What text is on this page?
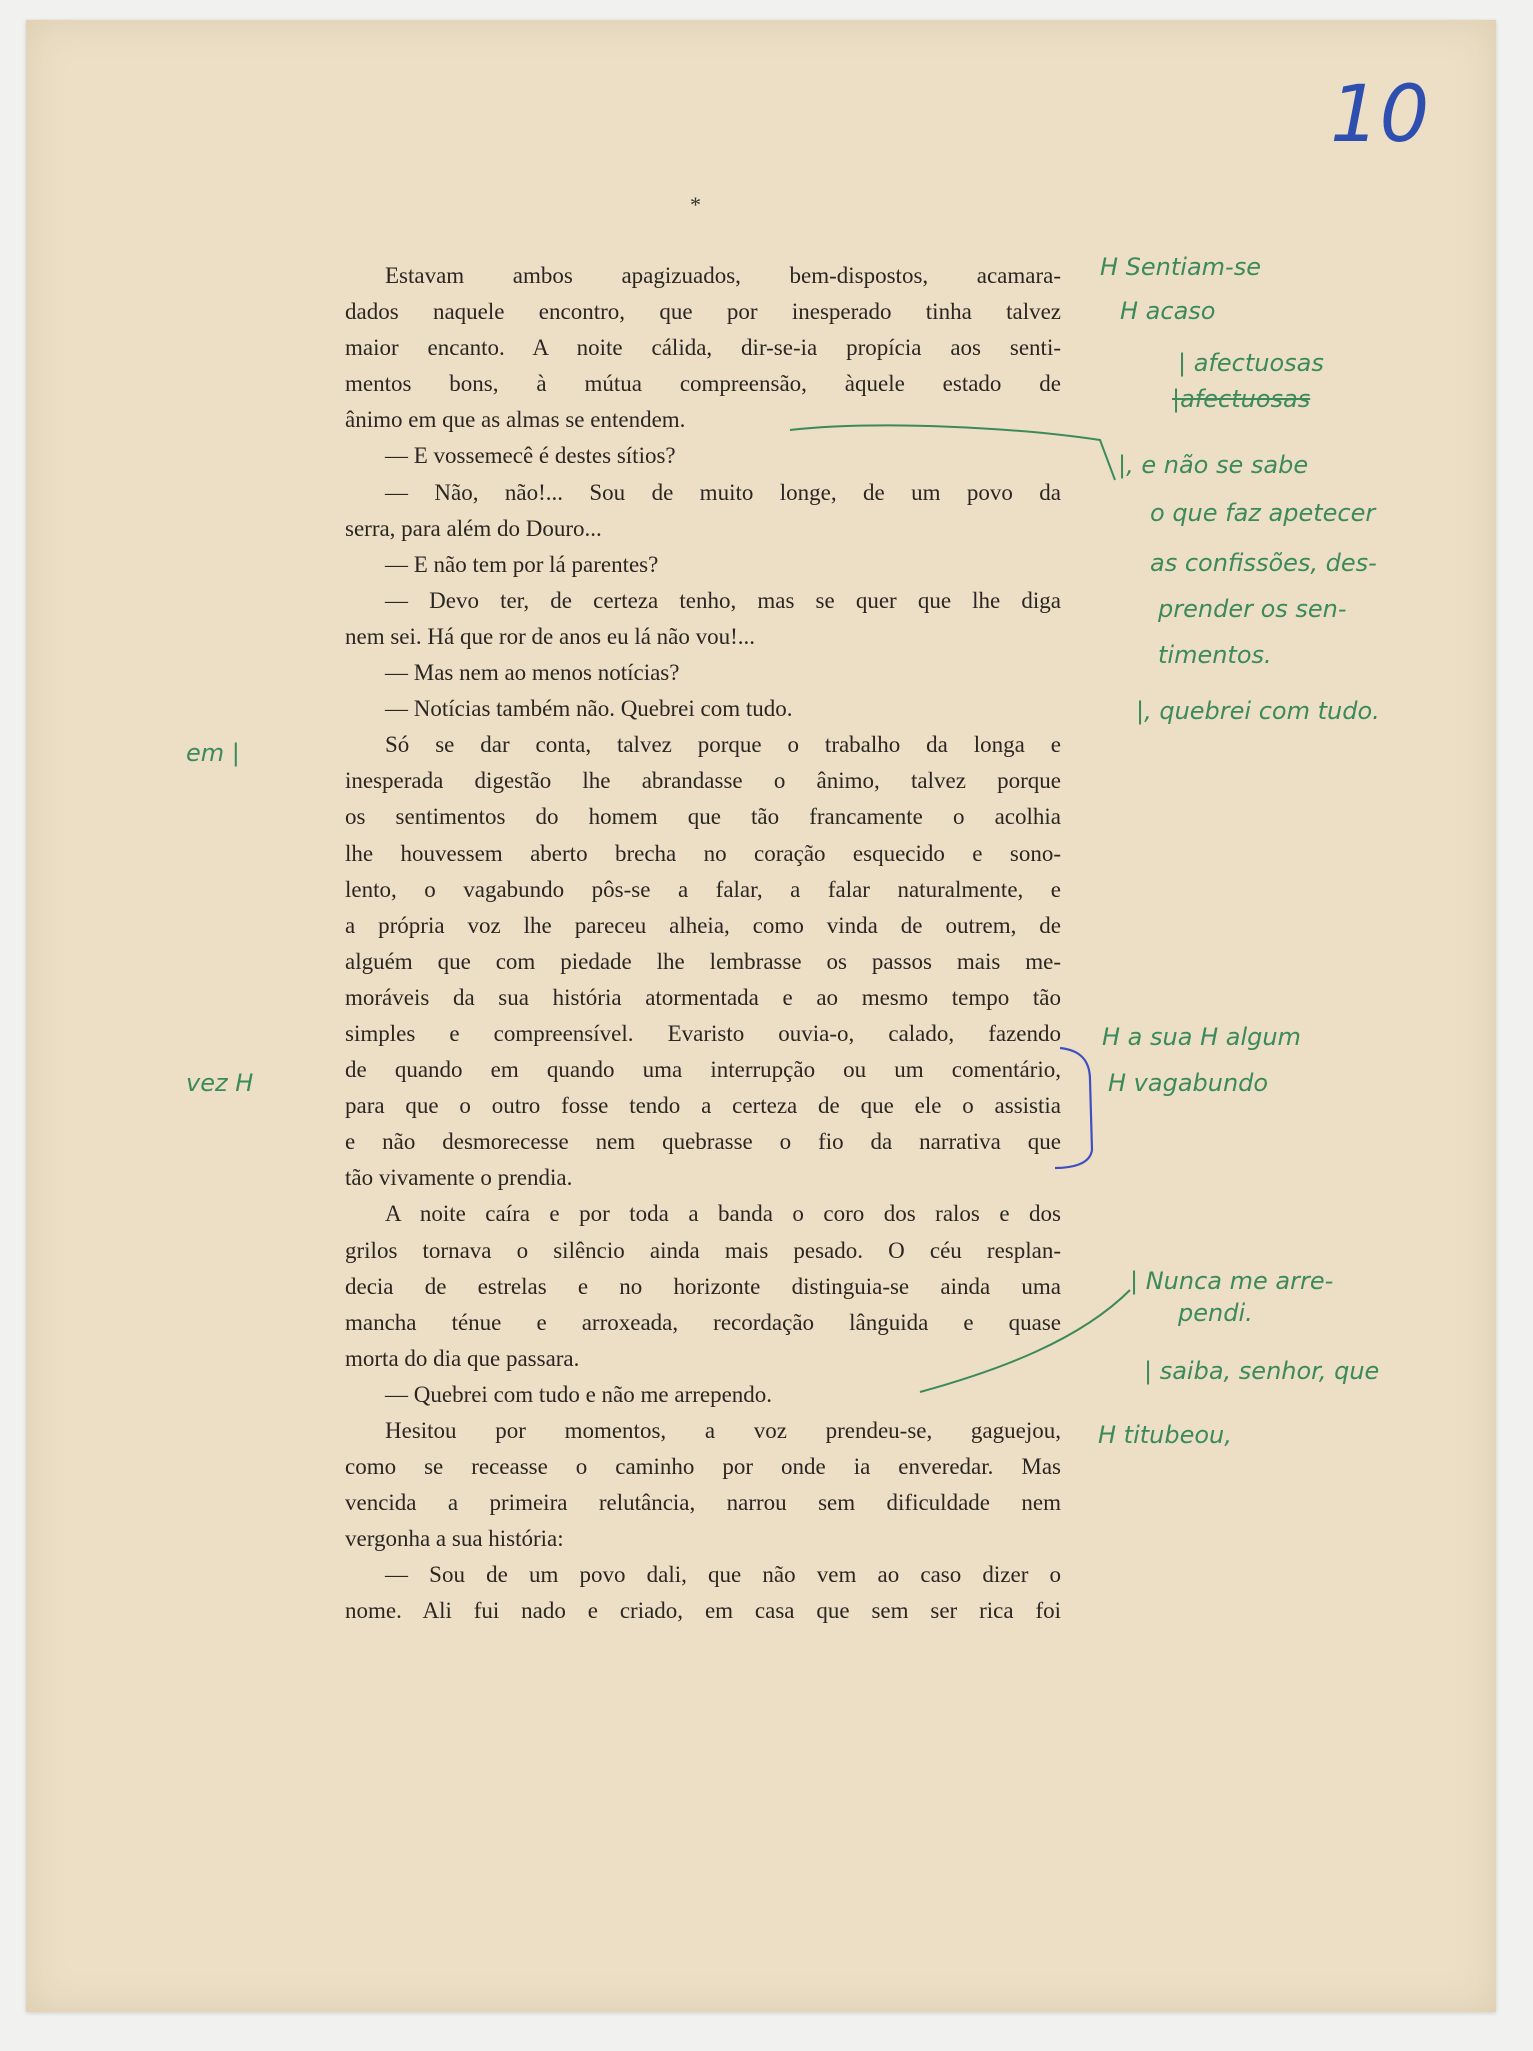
10
*
Estavam ambos apagizuados, bem-dispostos, acamara-
dados naquele encontro, que por inesperado tinha talvez
maior encanto. A noite cálida, dir-se-ia propícia aos senti-
mentos bons, à mútua compreensão, àquele estado de
ânimo em que as almas se entendem.
— E vossemecê é destes sítios?
— Não, não!... Sou de muito longe, de um povo da
serra, para além do Douro...
— E não tem por lá parentes?
— Devo ter, de certeza tenho, mas se quer que lhe diga
nem sei. Há que ror de anos eu lá não vou!...
— Mas nem ao menos notícias?
— Notícias também não. Quebrei com tudo.
Só se dar conta, talvez porque o trabalho da longa e
inesperada digestão lhe abrandasse o ânimo, talvez porque
os sentimentos do homem que tão francamente o acolhia
lhe houvessem aberto brecha no coração esquecido e sono-
lento, o vagabundo pôs-se a falar, a falar naturalmente, e
a própria voz lhe pareceu alheia, como vinda de outrem, de
alguém que com piedade lhe lembrasse os passos mais me-
moráveis da sua história atormentada e ao mesmo tempo tão
simples e compreensível. Evaristo ouvia-o, calado, fazendo
de quando em quando uma interrupção ou um comentário,
para que o outro fosse tendo a certeza de que ele o assistia
e não desmorecesse nem quebrasse o fio da narrativa que
tão vivamente o prendia.
A noite caíra e por toda a banda o coro dos ralos e dos
grilos tornava o silêncio ainda mais pesado. O céu resplan-
decia de estrelas e no horizonte distinguia-se ainda uma
mancha ténue e arroxeada, recordação lânguida e quase
morta do dia que passara.
— Quebrei com tudo e não me arrependo.
Hesitou por momentos, a voz prendeu-se, gaguejou,
como se receasse o caminho por onde ia enveredar. Mas
vencida a primeira relutância, narrou sem dificuldade nem
vergonha a sua história:
— Sou de um povo dali, que não vem ao caso dizer o
nome. Ali fui nado e criado, em casa que sem ser rica foi
H Sentiam-se
H acaso
| afectuosas
|afectuosas
|, e não se sabe
o que faz apetecer
as confissões, des-
prender os sen-
timentos.
|, quebrei com tudo.
H a sua H algum
H vagabundo
| Nunca me arre-
pendi.
| saiba, senhor, que
H titubeou,
em |
vez H
